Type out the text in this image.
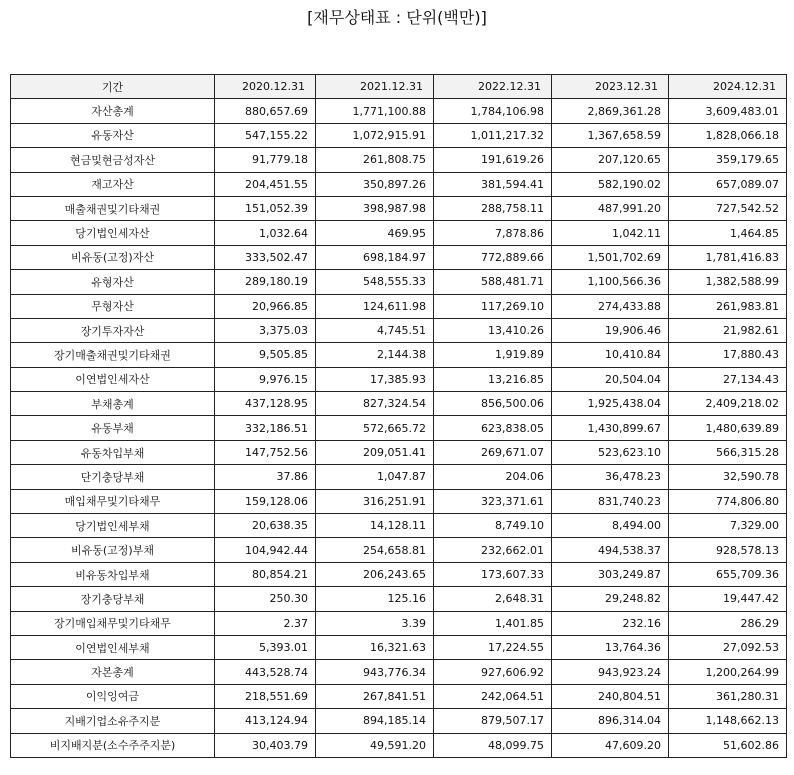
[재무상태표 : 단위(백만)]
기간	2020.12.31	2021.12.31	2022.12.31	2023.12.31	2024.12.31
자산총계	880,657.69	1,771,100.88	1,784,106.98	2,869,361.28	3,609,483.01
유동자산	547,155.22	1,072,915.91	1,011,217.32	1,367,658.59	1,828,066.18
현금및현금성자산	91,779.18	261,808.75	191,619.26	207,120.65	359,179.65
재고자산	204,451.55	350,897.26	381,594.41	582,190.02	657,089.07
매출채권및기타채권	151,052.39	398,987.98	288,758.11	487,991.20	727,542.52
당기법인세자산	1,032.64	469.95	7,878.86	1,042.11	1,464.85
비유동(고정)자산	333,502.47	698,184.97	772,889.66	1,501,702.69	1,781,416.83
유형자산	289,180.19	548,555.33	588,481.71	1,100,566.36	1,382,588.99
무형자산	20,966.85	124,611.98	117,269.10	274,433.88	261,983.81
장기투자자산	3,375.03	4,745.51	13,410.26	19,906.46	21,982.61
장기매출채권및기타채권	9,505.85	2,144.38	1,919.89	10,410.84	17,880.43
이연법인세자산	9,976.15	17,385.93	13,216.85	20,504.04	27,134.43
부채총계	437,128.95	827,324.54	856,500.06	1,925,438.04	2,409,218.02
유동부채	332,186.51	572,665.72	623,838.05	1,430,899.67	1,480,639.89
유동차입부채	147,752.56	209,051.41	269,671.07	523,623.10	566,315.28
단기충당부채	37.86	1,047.87	204.06	36,478.23	32,590.78
매입채무및기타채무	159,128.06	316,251.91	323,371.61	831,740.23	774,806.80
당기법인세부채	20,638.35	14,128.11	8,749.10	8,494.00	7,329.00
비유동(고정)부채	104,942.44	254,658.81	232,662.01	494,538.37	928,578.13
비유동차입부채	80,854.21	206,243.65	173,607.33	303,249.87	655,709.36
장기충당부채	250.30	125.16	2,648.31	29,248.82	19,447.42
장기매입채무및기타채무	2.37	3.39	1,401.85	232.16	286.29
이연법인세부채	5,393.01	16,321.63	17,224.55	13,764.36	27,092.53
자본총계	443,528.74	943,776.34	927,606.92	943,923.24	1,200,264.99
이익잉여금	218,551.69	267,841.51	242,064.51	240,804.51	361,280.31
지배기업소유주지분	413,124.94	894,185.14	879,507.17	896,314.04	1,148,662.13
비지배지분(소수주주지분)	30,403.79	49,591.20	48,099.75	47,609.20	51,602.86
